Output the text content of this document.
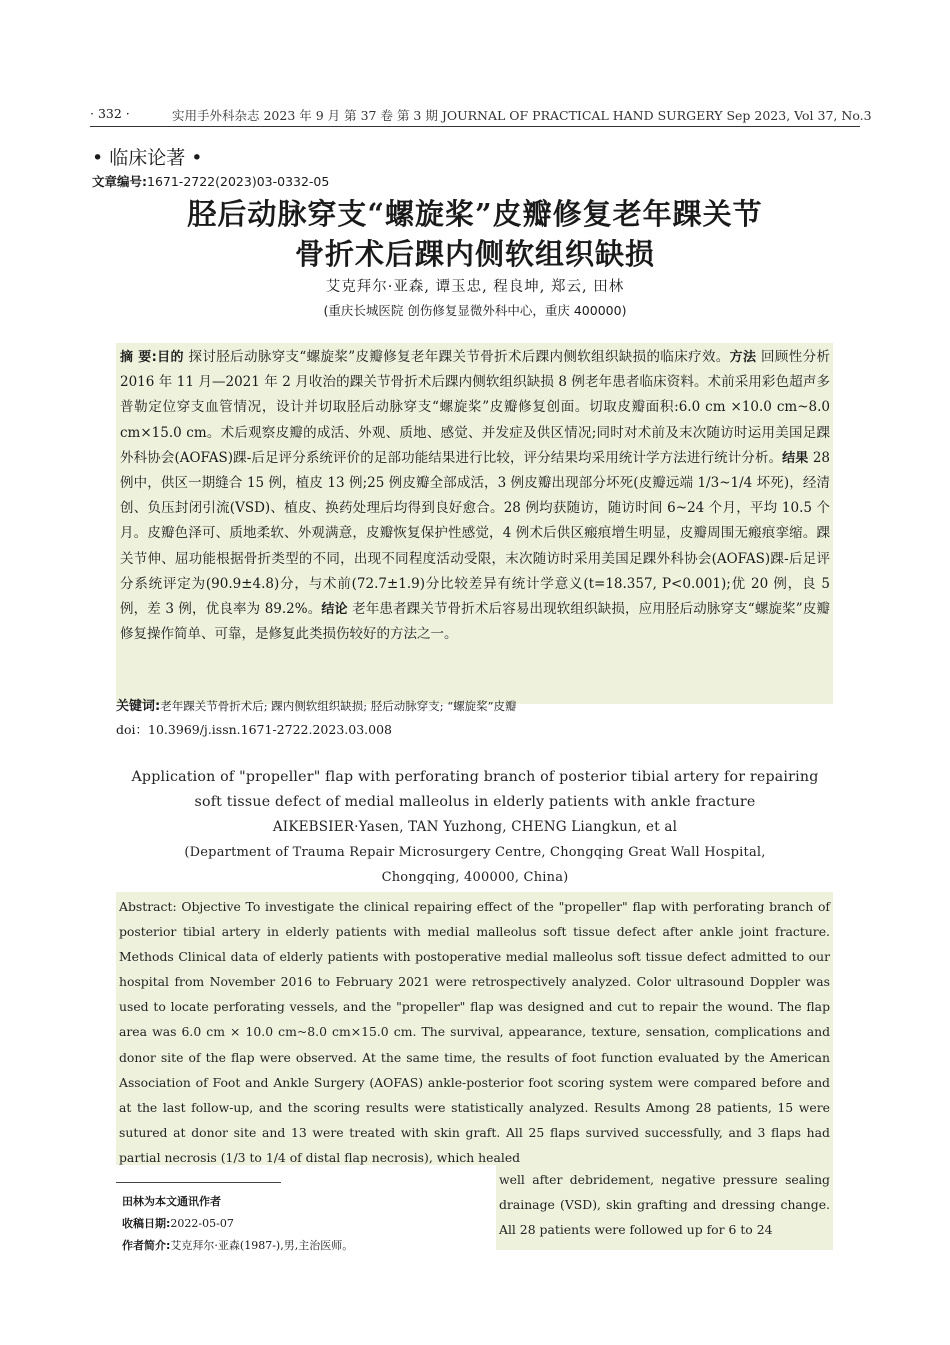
· 332 ·	实用手外科杂志 2023 年 9 月 第 37 卷 第 3 期 JOURNAL OF PRACTICAL HAND SURGERY Sep 2023, Vol 37, No.3
• 临床论著 •
文章编号:1671-2722(2023)03-0332-05
胫后动脉穿支“螺旋桨”皮瓣修复老年踝关节
骨折术后踝内侧软组织缺损
艾克拜尔·亚森, 谭玉忠, 程良坤, 郑云, 田林
(重庆长城医院 创伤修复显微外科中心，重庆 400000)

摘 要:目的 探讨胫后动脉穿支“螺旋桨”皮瓣修复老年踝关节骨折术后踝内侧软组织缺损的临床疗效。方法 回顾性分析 2016 年 11 月—2021 年 2 月收治的踝关节骨折术后踝内侧软组织缺损 8 例老年患者临床资料。术前采用彩色超声多普勒定位穿支血管情况，设计并切取胫后动脉穿支“螺旋桨”皮瓣修复创面。切取皮瓣面积:6.0 cm ×10.0 cm~8.0 cm×15.0 cm。术后观察皮瓣的成活、外观、质地、感觉、并发症及供区情况;同时对术前及末次随访时运用美国足踝外科协会(AOFAS)踝-后足评分系统评价的足部功能结果进行比较，评分结果均采用统计学方法进行统计分析。结果 28 例中，供区一期缝合 15 例，植皮 13 例;25 例皮瓣全部成活，3 例皮瓣出现部分坏死(皮瓣远端 1/3~1/4 坏死)，经清创、负压封闭引流(VSD)、植皮、换药处理后均得到良好愈合。28 例均获随访，随访时间 6~24 个月，平均 10.5 个月。皮瓣色泽可、质地柔软、外观满意，皮瓣恢复保护性感觉，4 例术后供区瘢痕增生明显，皮瓣周围无瘢痕挛缩。踝关节伸、屈功能根据骨折类型的不同，出现不同程度活动受限，末次随访时采用美国足踝外科协会(AOFAS)踝-后足评分系统评定为(90.9±4.8)分，与术前(72.7±1.9)分比较差异有统计学意义(t=18.357, P<0.001);优 20 例，良 5 例，差 3 例，优良率为 89.2%。结论 老年患者踝关节骨折术后容易出现软组织缺损，应用胫后动脉穿支“螺旋桨”皮瓣修复操作简单、可靠，是修复此类损伤较好的方法之一。

关键词:老年踝关节骨折术后; 踝内侧软组织缺损; 胫后动脉穿支; “螺旋桨”皮瓣
doi：10.3969/j.issn.1671-2722.2023.03.008
Application of "propeller" flap with perforating branch of posterior tibial artery for repairing
soft tissue defect of medial malleolus in elderly patients with ankle fracture
AIKEBSIER·Yasen, TAN Yuzhong, CHENG Liangkun, et al
(Department of Trauma Repair Microsurgery Centre, Chongqing Great Wall Hospital,
Chongqing, 400000, China)

Abstract: Objective To investigate the clinical repairing effect of the "propeller" flap with perforating branch of posterior tibial artery in elderly patients with medial malleolus soft tissue defect after ankle joint fracture. Methods Clinical data of elderly patients with postoperative medial malleolus soft tissue defect admitted to our hospital from November 2016 to February 2021 were retrospectively analyzed. Color ultrasound Doppler was used to locate perforating vessels, and the "propeller" flap was designed and cut to repair the wound. The flap area was 6.0 cm × 10.0 cm~8.0 cm×15.0 cm. The survival, appearance, texture, sensation, complications and donor site of the flap were observed. At the same time, the results of foot function evaluated by the American Association of Foot and Ankle Surgery (AOFAS) ankle-posterior foot scoring system were compared before and at the last follow-up, and the scoring results were statistically analyzed. Results Among 28 patients, 15 were sutured at donor site and 13 were treated with skin graft. All 25 flaps survived successfully, and 3 flaps had partial necrosis (1/3 to 1/4 of distal flap necrosis), which healed

well after debridement, negative pressure sealing drainage (VSD), skin grafting and dressing change. All 28 patients were followed up for 6 to 24

田林为本文通讯作者
收稿日期:2022-05-07
作者简介:艾克拜尔·亚森(1987-),男,主治医师。
